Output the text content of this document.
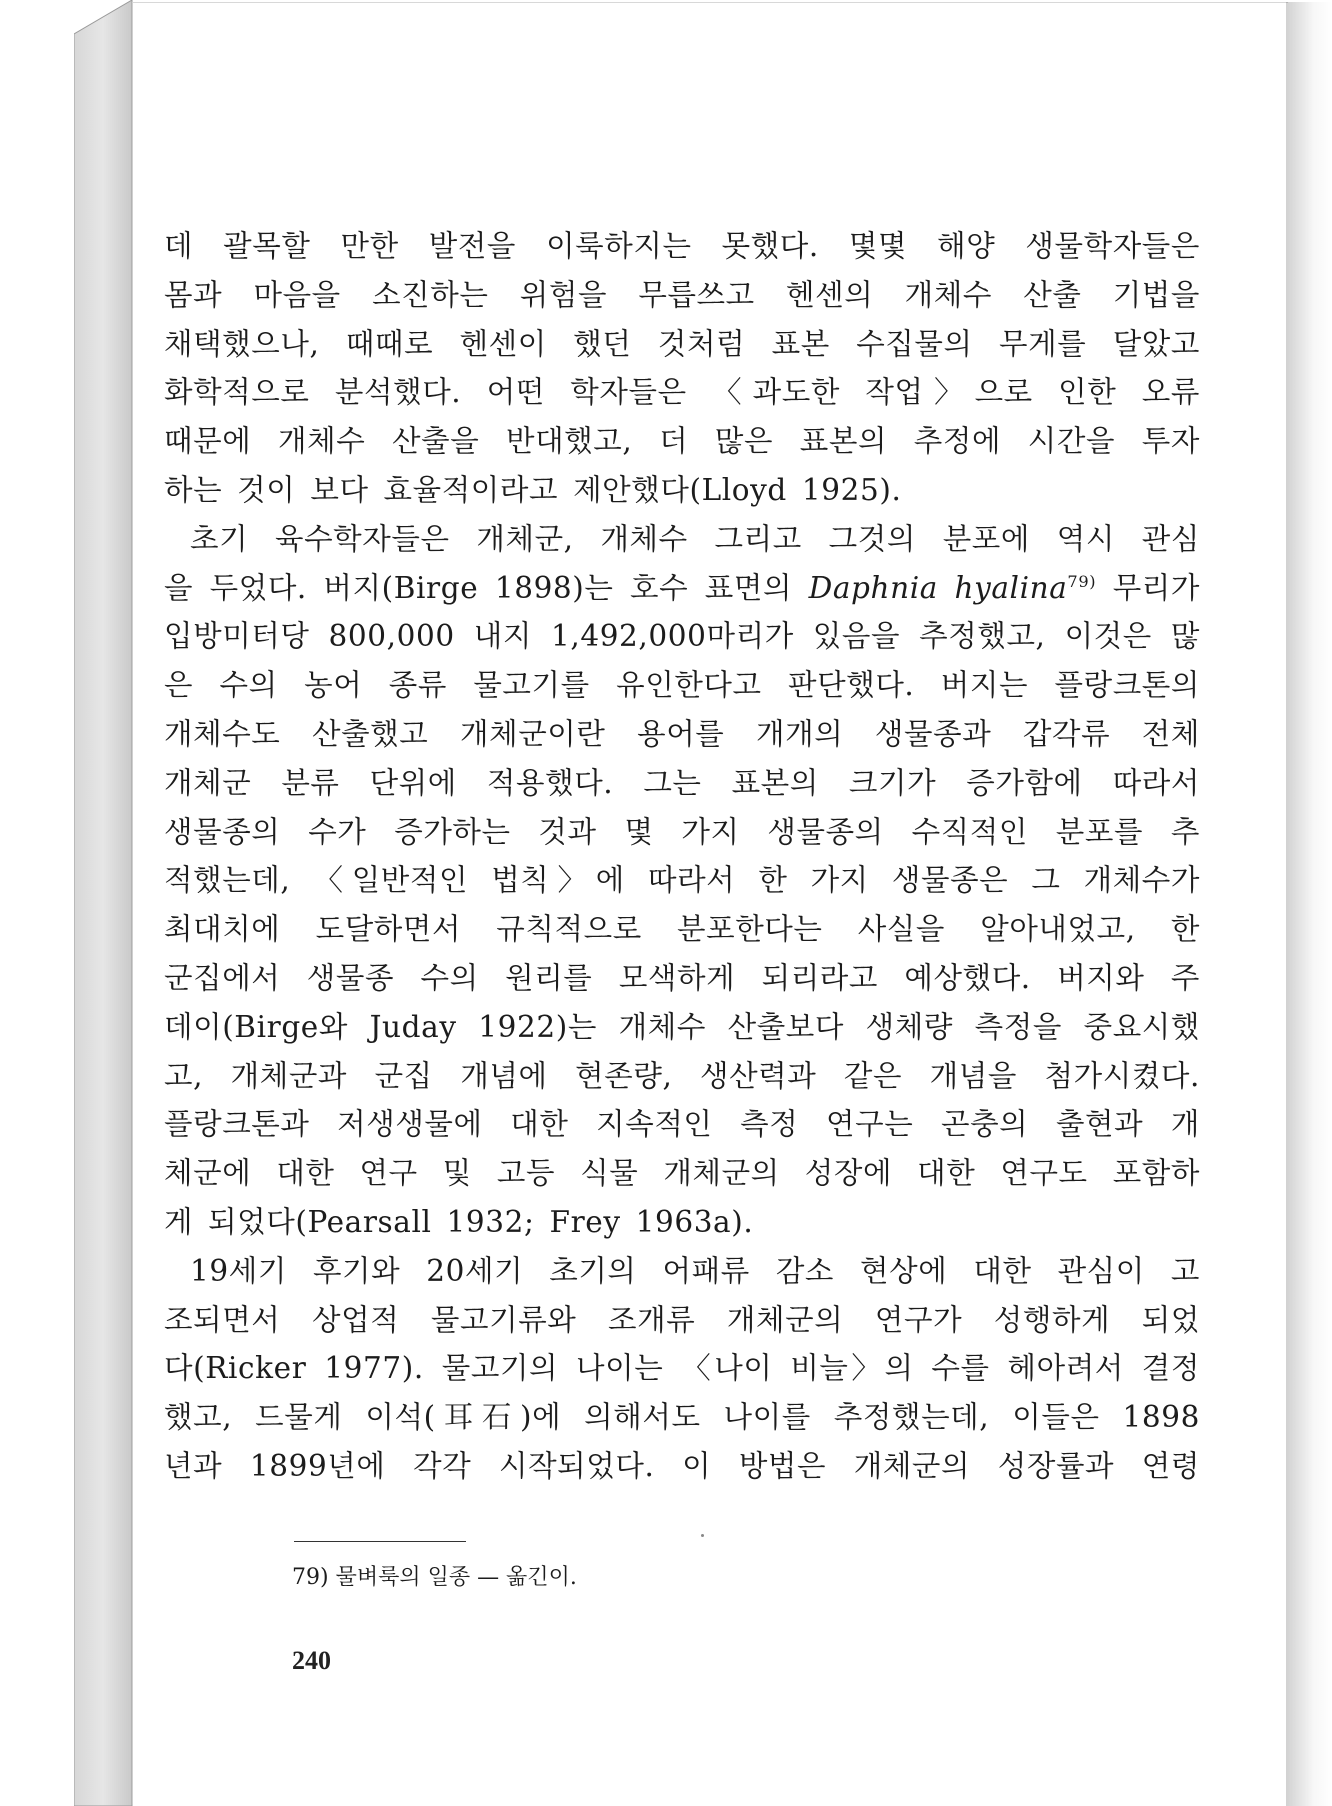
데 괄목할 만한 발전을 이룩하지는 못했다. 몇몇 해양 생물학자들은
몸과 마음을 소진하는 위험을 무릅쓰고 헨센의 개체수 산출 기법을
채택했으나, 때때로 헨센이 했던 것처럼 표본 수집물의 무게를 달았고
화학적으로 분석했다. 어떤 학자들은 〈과도한 작업〉으로 인한 오류
때문에 개체수 산출을 반대했고, 더 많은 표본의 추정에 시간을 투자
하는 것이 보다 효율적이라고 제안했다(Lloyd 1925).
초기 육수학자들은 개체군, 개체수 그리고 그것의 분포에 역시 관심
을 두었다. 버지(Birge 1898)는 호수 표면의 Daphnia hyalina$^{79)}$ 무리가
입방미터당 800,000 내지 1,492,000마리가 있음을 추정했고, 이것은 많
은 수의 농어 종류 물고기를 유인한다고 판단했다. 버지는 플랑크톤의
개체수도 산출했고 개체군이란 용어를 개개의 생물종과 갑각류 전체
개체군 분류 단위에 적용했다. 그는 표본의 크기가 증가함에 따라서
생물종의 수가 증가하는 것과 몇 가지 생물종의 수직적인 분포를 추
적했는데, 〈일반적인 법칙〉에 따라서 한 가지 생물종은 그 개체수가
최대치에 도달하면서 규칙적으로 분포한다는 사실을 알아내었고, 한
군집에서 생물종 수의 원리를 모색하게 되리라고 예상했다. 버지와 주
데이(Birge와 Juday 1922)는 개체수 산출보다 생체량 측정을 중요시했
고, 개체군과 군집 개념에 현존량, 생산력과 같은 개념을 첨가시켰다.
플랑크톤과 저생생물에 대한 지속적인 측정 연구는 곤충의 출현과 개
체군에 대한 연구 및 고등 식물 개체군의 성장에 대한 연구도 포함하
게 되었다(Pearsall 1932; Frey 1963a).
19세기 후기와 20세기 초기의 어패류 감소 현상에 대한 관심이 고
조되면서 상업적 물고기류와 조개류 개체군의 연구가 성행하게 되었
다(Ricker 1977). 물고기의 나이는 〈나이 비늘〉의 수를 헤아려서 결정
했고, 드물게 이석(耳石)에 의해서도 나이를 추정했는데, 이들은 1898
년과 1899년에 각각 시작되었다. 이 방법은 개체군의 성장률과 연령
79) 물벼룩의 일종 — 옮긴이.
240
